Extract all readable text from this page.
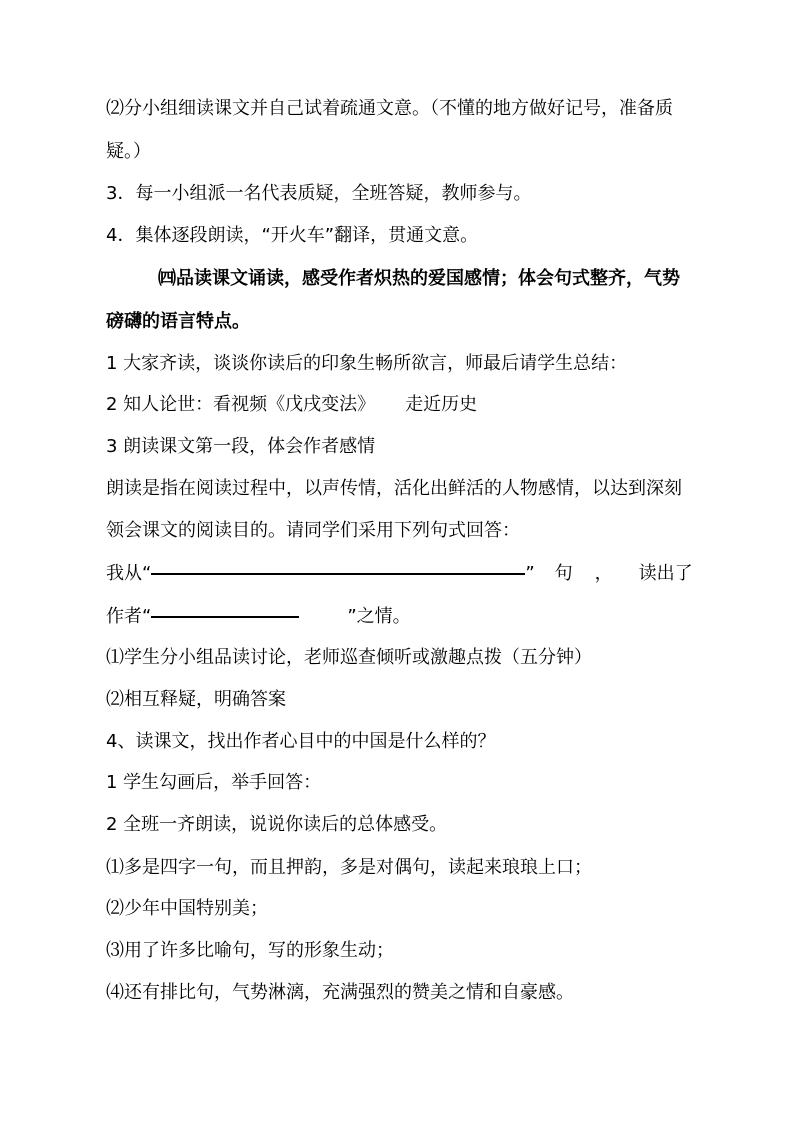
⑵分小组细读课文并自己试着疏通文意。（不懂的地方做好记号，准备质
疑。）
3．每一小组派一名代表质疑，全班答疑，教师参与。
4．集体逐段朗读，“开火车”翻译，贯通文意。
㈣品读课文诵读，感受作者炽热的爱国感情；体会句式整齐，气势
磅礴的语言特点。
1 大家齐读，谈谈你读后的印象生畅所欲言，师最后请学生总结：
2 知人论世：看视频《戊戌变法》 走近历史
3 朗读课文第一段，体会作者感情
朗读是指在阅读过程中，以声传情，活化出鲜活的人物感情，以达到深刻
领会课文的阅读目的。请同学们采用下列句式回答：
我从“	” 句 ， 读出了
作者“	”之情。
⑴学生分小组品读讨论，老师巡查倾听或激趣点拨（五分钟）
⑵相互释疑，明确答案
4、读课文，找出作者心目中的中国是什么样的？
1 学生勾画后，举手回答：
2 全班一齐朗读，说说你读后的总体感受。
⑴多是四字一句，而且押韵，多是对偶句，读起来琅琅上口；
⑵少年中国特别美；
⑶用了许多比喻句，写的形象生动；
⑷还有排比句，气势淋漓，充满强烈的赞美之情和自豪感。
